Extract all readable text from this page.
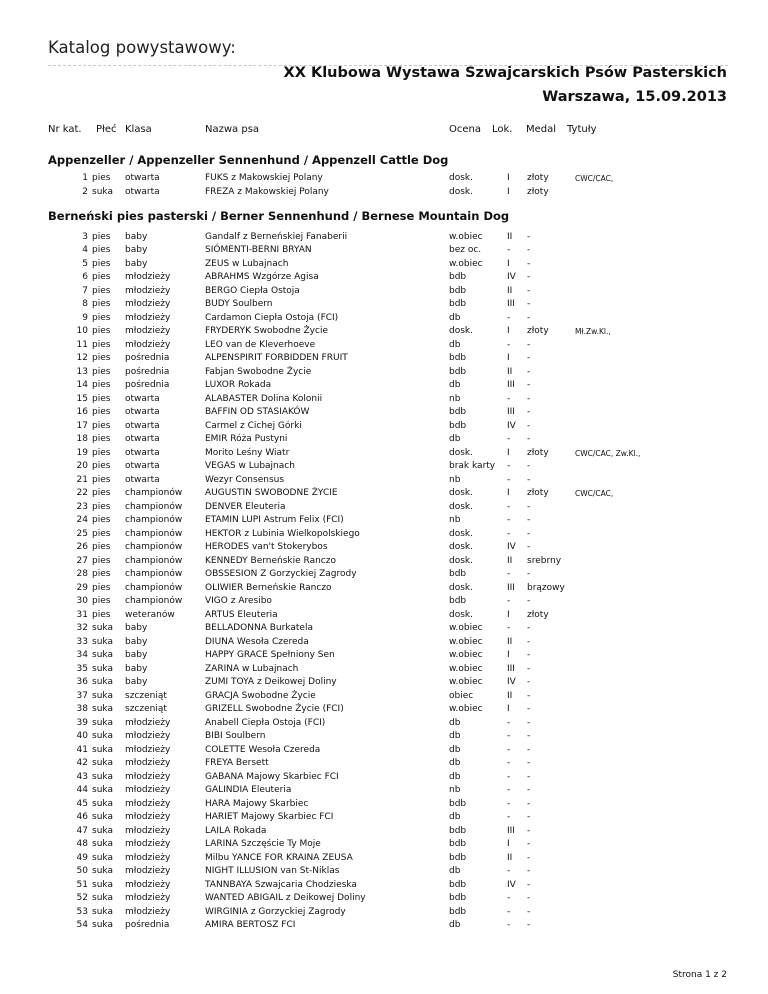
Katalog powystawowy:
XX Klubowa Wystawa Szwajcarskich Psów Pasterskich
Warszawa, 15.09.2013
Nr kat. Płeć Klasa	Nazwa psa	Ocena Lok. Medal Tytuły
Appenzeller / Appenzeller Sennenhund / Appenzell Cattle Dog
1 pies otwarta	FUKS z Makowskiej Polany	dosk.	I złoty	CWC/CAC,
2 suka otwarta	FREZA z Makowskiej Polany	dosk.	I złoty
Berneński pies pasterski / Berner Sennenhund / Bernese Mountain Dog
3 pies baby	Gandalf z Berneńskiej Fanaberii	w.obiec	II -
4 pies baby	SIÓMENTI-BERNI BRYAN	bez oc.	- -
5 pies baby	ZEUS w Lubajnach	w.obiec	I -
6 pies młodzieży	ABRAHMS Wzgórze Agisa	bdb	IV -
7 pies młodzieży	BERGO Ciepła Ostoja	bdb	II -
8 pies młodzieży	BUDY Soulbern	bdb	III -
9 pies młodzieży	Cardamon Ciepła Ostoja (FCI)	db	- -
10 pies młodzieży	FRYDERYK Swobodne Życie	dosk.	I złoty	Mł.Zw.Kl.,
11 pies młodzieży	LEO van de Kleverhoeve	db	- -
12 pies pośrednia	ALPENSPIRIT FORBIDDEN FRUIT	bdb	I -
13 pies pośrednia	Fabjan Swobodne Życie	bdb	II -
14 pies pośrednia	LUXOR Rokada	db	III -
15 pies otwarta	ALABASTER Dolina Kolonii	nb	- -
16 pies otwarta	BAFFIN OD STASIAKÓW	bdb	III -
17 pies otwarta	Carmel z Cichej Górki	bdb	IV -
18 pies otwarta	EMIR Róża Pustyni	db	- -
19 pies otwarta	Morito Leśny Wiatr	dosk.	I złoty	CWC/CAC, Zw.Kl.,
20 pies otwarta	VEGAS w Lubajnach	brak karty - -
21 pies otwarta	Wezyr Consensus	nb	- -
22 pies championów	AUGUSTIN SWOBODNE ŻYCIE	dosk.	I złoty	CWC/CAC,
23 pies championów	DENVER Eleuteria	dosk.	- -
24 pies championów	ETAMIN LUPI Astrum Felix (FCI)	nb	- -
25 pies championów	HEKTOR z Lubinia Wielkopolskiego	dosk.	- -
26 pies championów	HERODES van't Stokerybos	dosk.	IV -
27 pies championów	KENNEDY Berneńskie Ranczo	dosk.	II srebrny
28 pies championów	OBSSESION Z Gorzyckiej Zagrody	bdb	- -
29 pies championów	OLIWIER Berneńskie Ranczo	dosk.	III brązowy
30 pies championów	VIGO z Aresibo	bdb	- -
31 pies weteranów	ARTUS Eleuteria	dosk.	I złoty
32 suka baby	BELLADONNA Burkatela	w.obiec	- -
33 suka baby	DIUNA Wesoła Czereda	w.obiec	II -
34 suka baby	HAPPY GRACE Spełniony Sen	w.obiec	I -
35 suka baby	ZARINA w Lubajnach	w.obiec	III -
36 suka baby	ZUMI TOYA z Deikowej Doliny	w.obiec	IV -
37 suka szczeniąt	GRACJA Swobodne Życie	obiec	II -
38 suka szczeniąt	GRIZELL Swobodne Życie (FCI)	w.obiec	I -
39 suka młodzieży	Anabell Ciepła Ostoja (FCI)	db	- -
40 suka młodzieży	BIBI Soulbern	db	- -
41 suka młodzieży	COLETTE Wesoła Czereda	db	- -
42 suka młodzieży	FREYA Bersett	db	- -
43 suka młodzieży	GABANA Majowy Skarbiec FCI	db	- -
44 suka młodzieży	GALINDIA Eleuteria	nb	- -
45 suka młodzieży	HARA Majowy Skarbiec	bdb	- -
46 suka młodzieży	HARIET Majowy Skarbiec FCI	db	- -
47 suka młodzieży	LAILA Rokada	bdb	III -
48 suka młodzieży	LARINA Szczęście Ty Moje	bdb	I -
49 suka młodzieży	Milbu YANCE FOR KRAINA ZEUSA	bdb	II -
50 suka młodzieży	NIGHT ILLUSION van St-Niklas	db	- -
51 suka młodzieży	TANNBAYA Szwajcaria Chodzieska	bdb	IV -
52 suka młodzieży	WANTED ABIGAIL z Deikowej Doliny	bdb	- -
53 suka młodzieży	WIRGINIA z Gorzyckiej Zagrody	bdb	- -
54 suka pośrednia	AMIRA BERTOSZ FCI	db	- -
Strona 1 z 2
